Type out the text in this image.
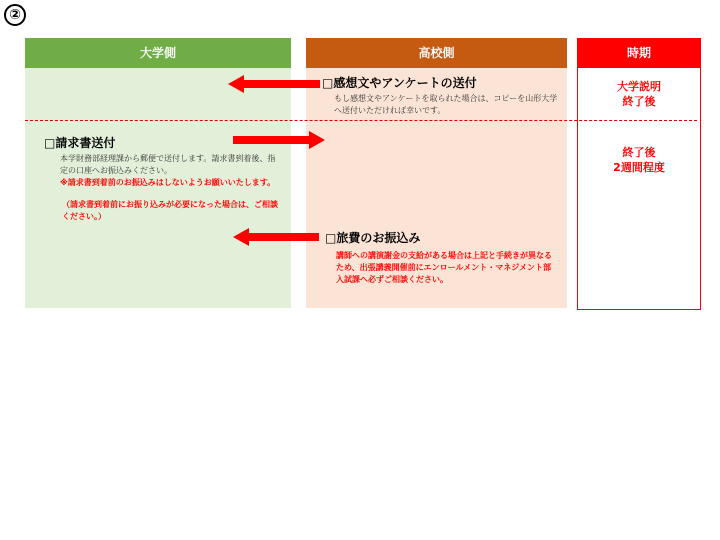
②
大学側	高校側	時期
□感想文やアンケートの送付
もし感想文やアンケートを取られた場合は、コピーを山形大学へ送付いただければ幸いです。
□請求書送付
本学財務部経理課から郵便で送付します。請求書到着後、指定の口座へお振込みください。
※請求書到着前のお振込みはしないようお願いいたします。
（請求書到着前にお振り込みが必要になった場合は、ご相談ください。）
□旅費のお振込み
講師への講演謝金の支給がある場合は上記と手続きが異なるため、出張講義開催前にエンロールメント・マネジメント部入試課へ必ずご相談ください。
大学説明
終了後
終了後
2週間程度
